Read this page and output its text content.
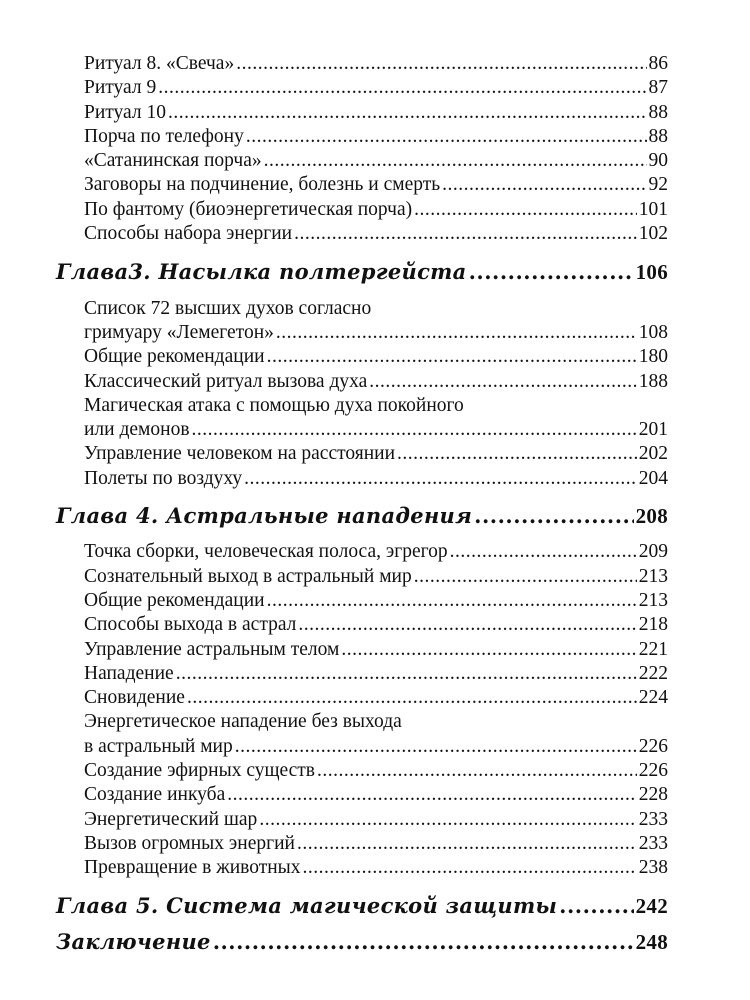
Ритуал 8. «Свеча» .....	86
Ритуал 9 .....	87
Ритуал 10 .....	88
Порча по телефону .....	88
«Сатанинская порча» .....	90
Заговоры на подчинение, болезнь и смерть .....	92
По фантому (биоэнергетическая порча) .....	101
Способы набора энергии .....	102
Глава3. Насылка полтергейста .....	106
Список 72 высших духов согласно
гримуару «Лемегетон» .....	108
Общие рекомендации .....	180
Классический ритуал вызова духа .....	188
Магическая атака с помощью духа покойного
или демонов .....	201
Управление человеком на расстоянии .....	202
Полеты по воздуху .....	204
Глава 4. Астральные нападения .....	208
Точка сборки, человеческая полоса, эгрегор .....	209
Сознательный выход в астральный мир .....	213
Общие рекомендации .....	213
Способы выхода в астрал .....	218
Управление астральным телом .....	221
Нападение .....	222
Сновидение .....	224
Энергетическое нападение без выхода
в астральный мир .....	226
Создание эфирных существ .....	226
Создание инкуба .....	228
Энергетический шар .....	233
Вызов огромных энергий .....	233
Превращение в животных .....	238
Глава 5. Система магической защиты .....	242
Заключение .....	248
